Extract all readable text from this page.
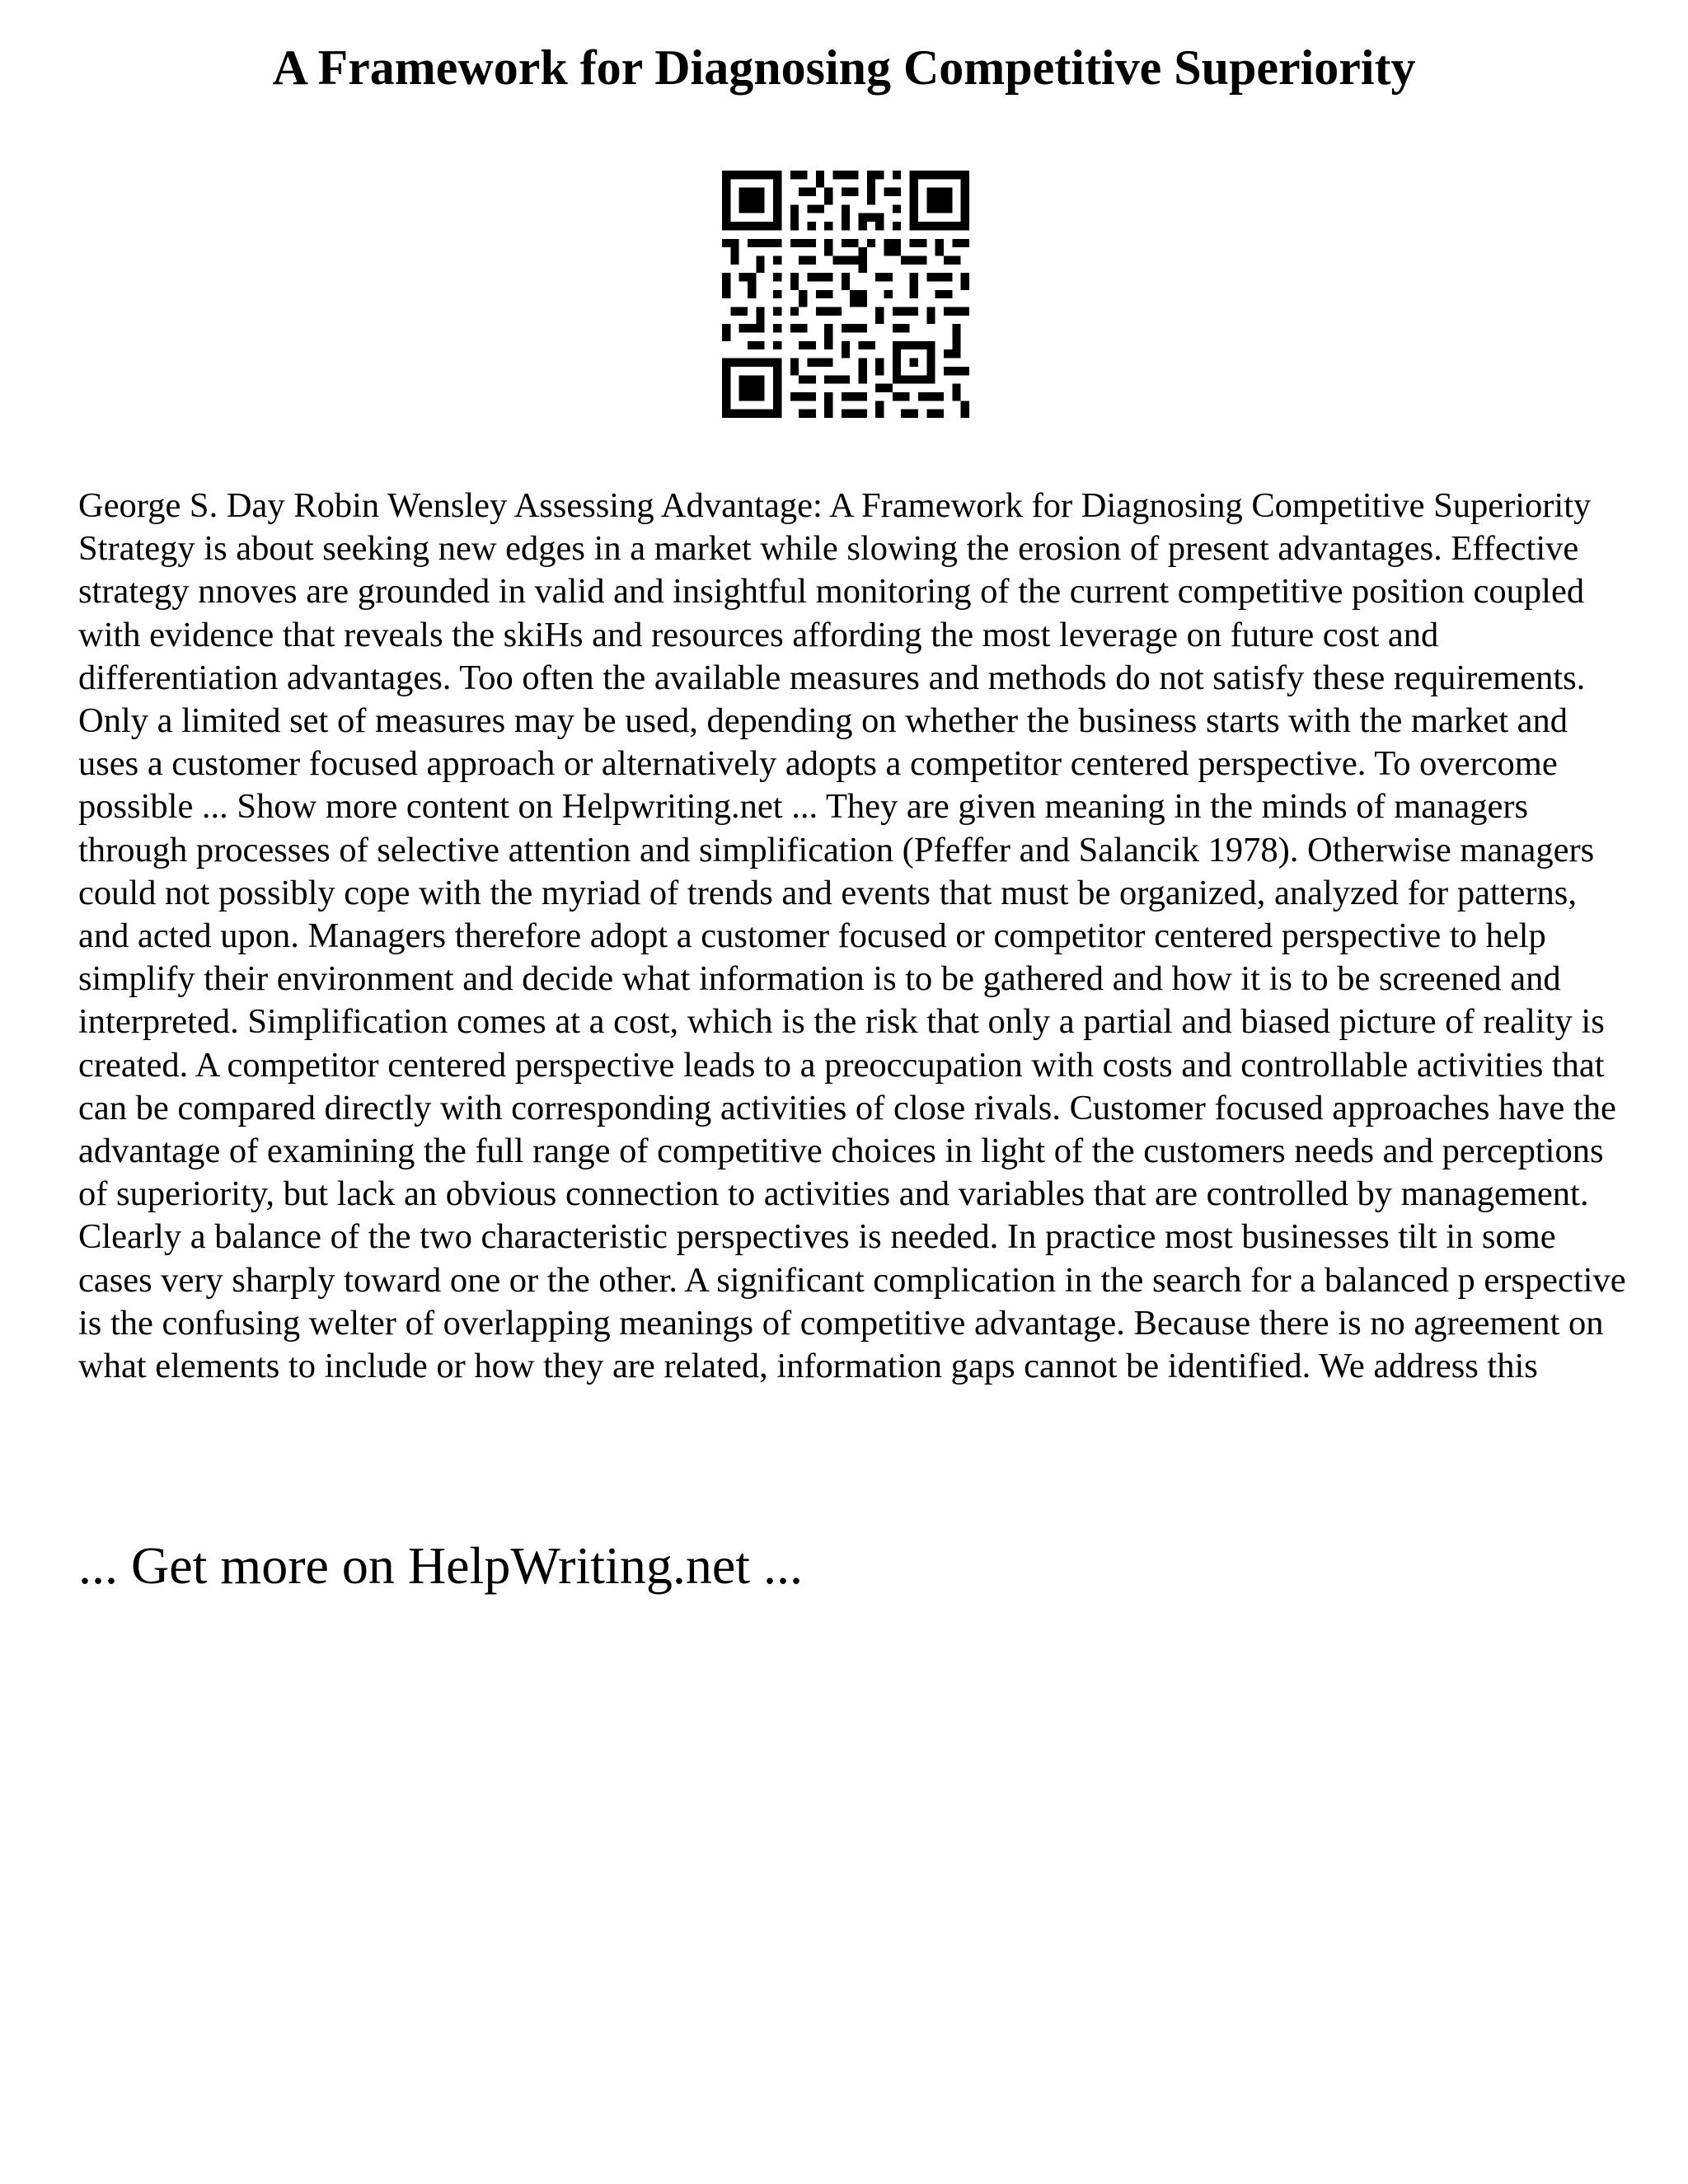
A Framework for Diagnosing Competitive Superiority

George S. Day Robin Wensley Assessing Advantage: A Framework for Diagnosing Competitive Superiority Strategy is about seeking new edges in a market while slowing the erosion of present advantages. Effective strategy nnoves are grounded in valid and insightful monitoring of the current competitive position coupled with evidence that reveals the skiHs and resources affording the most leverage on future cost and differentiation advantages. Too often the available measures and methods do not satisfy these requirements. Only a limited set of measures may be used, depending on whether the business starts with the market and uses a customer focused approach or alternatively adopts a competitor centered perspective. To overcome possible ... Show more content on Helpwriting.net ... They are given meaning in the minds of managers through processes of selective attention and simplification (Pfeffer and Salancik 1978). Otherwise managers could not possibly cope with the myriad of trends and events that must be organized, analyzed for patterns, and acted upon. Managers therefore adopt a customer focused or competitor centered perspective to help simplify their environment and decide what information is to be gathered and how it is to be screened and interpreted. Simplification comes at a cost, which is the risk that only a partial and biased picture of reality is created. A competitor centered perspective leads to a preoccupation with costs and controllable activities that can be compared directly with corresponding activities of close rivals. Customer focused approaches have the advantage of examining the full range of competitive choices in light of the customers needs and perceptions of superiority, but lack an obvious connection to activities and variables that are controlled by management. Clearly a balance of the two characteristic perspectives is needed. In practice most businesses tilt in some cases very sharply toward one or the other. A significant complication in the search for a balanced p erspective is the confusing welter of overlapping meanings of competitive advantage. Because there is no agreement on what elements to include or how they are related, information gaps cannot be identified. We address this

... Get more on HelpWriting.net ...
